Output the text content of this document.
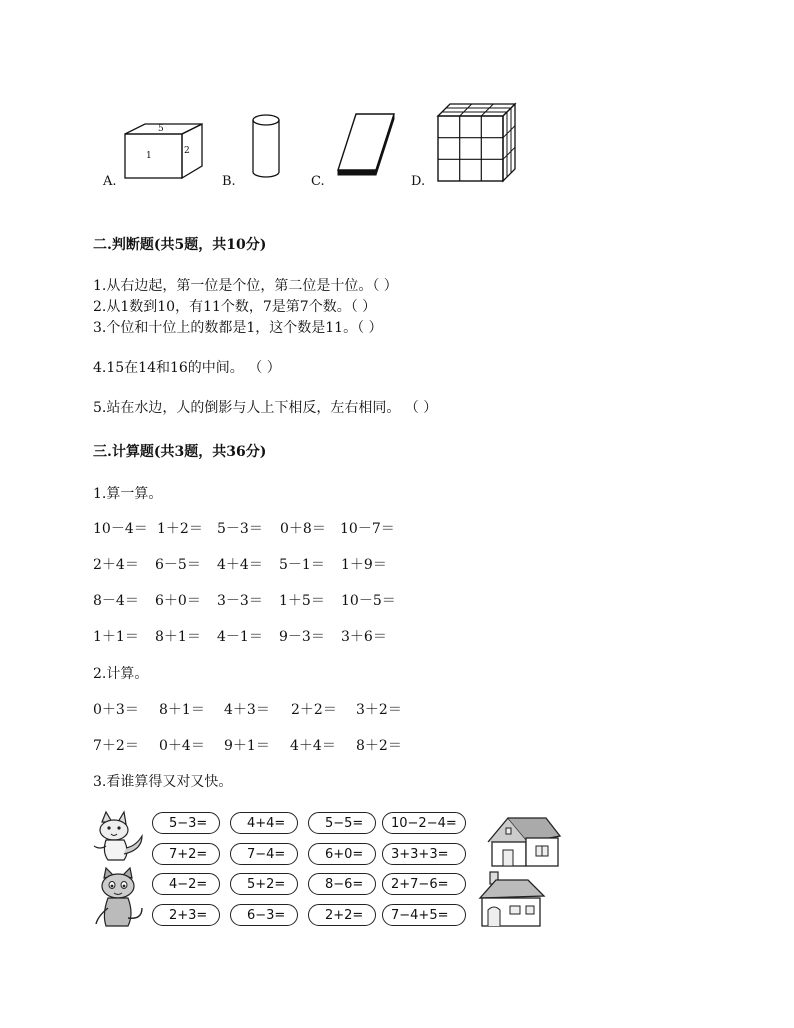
5
1	2
A.	B.	C.	D.
二.判断题(共5题，共10分)
1.从右边起，第一位是个位，第二位是十位。（ ）
2.从1数到10，有11个数，7是第7个数。（ ）
3.个位和十位上的数都是1，这个数是11。（ ）
4.15在14和16的中间。 （ ）
5.站在水边，人的倒影与人上下相反，左右相同。 （ ）
三.计算题(共3题，共36分)
1.算一算。
10－4＝ 1＋2＝ 5－3＝ 0＋8＝ 10－7＝
2＋4＝ 6－5＝ 4＋4＝ 5－1＝ 1＋9＝
8－4＝ 6＋0＝ 3－3＝ 1＋5＝ 10－5＝
1＋1＝ 8＋1＝ 4－1＝ 9－3＝ 3＋6＝
2.计算。
0＋3＝ 8＋1＝ 4＋3＝ 2＋2＝ 3＋2＝
7＋2＝ 0＋4＝ 9＋1＝ 4＋4＝ 8＋2＝
3.看谁算得又对又快。
5−3=	4+4=	5−5=	10−2−4=
7+2=	7−4=	6+0=	3+3+3=
4−2=	5+2=	8−6=	2+7−6=
2+3=	6−3=	2+2=	7−4+5=
